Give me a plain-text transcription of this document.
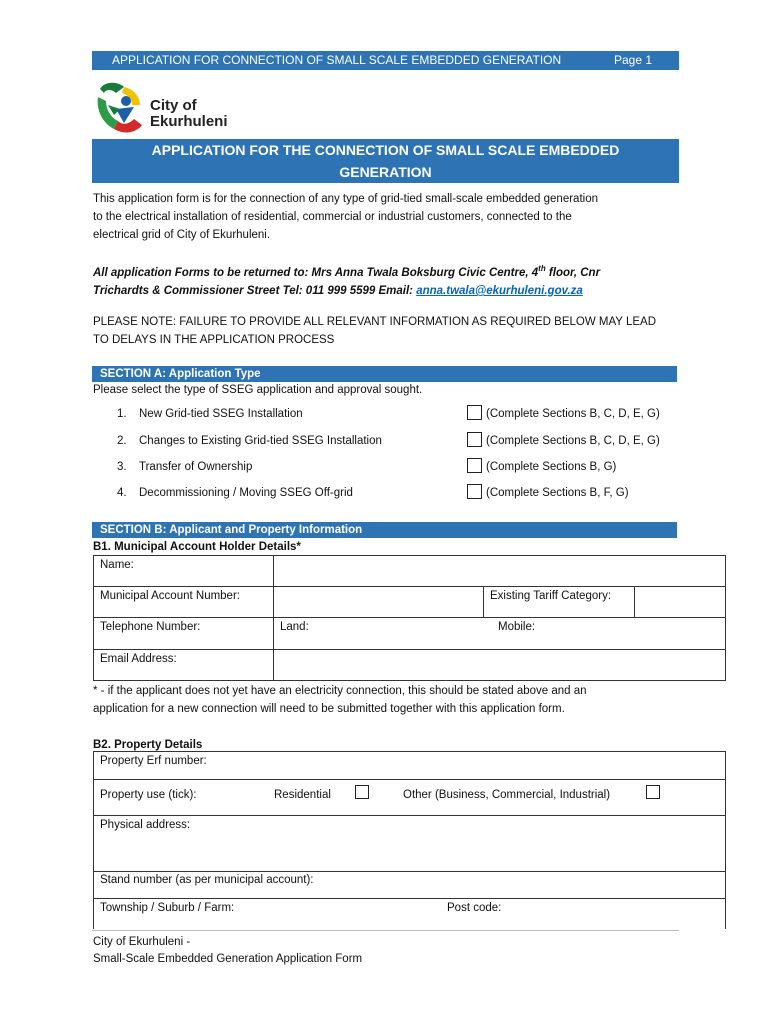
APPLICATION FOR CONNECTION OF SMALL SCALE EMBEDDED GENERATION	Page 1
City of
Ekurhuleni
APPLICATION FOR THE CONNECTION OF SMALL SCALE EMBEDDED
GENERATION
This application form is for the connection of any type of grid-tied small-scale embedded generation
to the electrical installation of residential, commercial or industrial customers, connected to the
electrical grid of City of Ekurhuleni.
All application Forms to be returned to: Mrs Anna Twala Boksburg Civic Centre, 4th floor, Cnr
Trichardts & Commissioner Street Tel: 011 999 5599 Email: anna.twala@ekurhuleni.gov.za
PLEASE NOTE: FAILURE TO PROVIDE ALL RELEVANT INFORMATION AS REQUIRED BELOW MAY LEAD
TO DELAYS IN THE APPLICATION PROCESS
SECTION A: Application Type
Please select the type of SSEG application and approval sought.
1. New Grid-tied SSEG Installation	(Complete Sections B, C, D, E, G)
2. Changes to Existing Grid-tied SSEG Installation	(Complete Sections B, C, D, E, G)
3. Transfer of Ownership	(Complete Sections B, G)
4. Decommissioning / Moving SSEG Off-grid	(Complete Sections B, F, G)
SECTION B: Applicant and Property Information
B1. Municipal Account Holder Details*
Name:
Municipal Account Number:	Existing Tariff Category:
Telephone Number:	Land:	Mobile:
Email Address:
* - if the applicant does not yet have an electricity connection, this should be stated above and an
application for a new connection will need to be submitted together with this application form.
B2. Property Details
Property Erf number:
Property use (tick):	Residential	Other (Business, Commercial, Industrial)
Physical address:
Stand number (as per municipal account):
Township / Suburb / Farm:	Post code:
City of Ekurhuleni -
Small-Scale Embedded Generation Application Form
